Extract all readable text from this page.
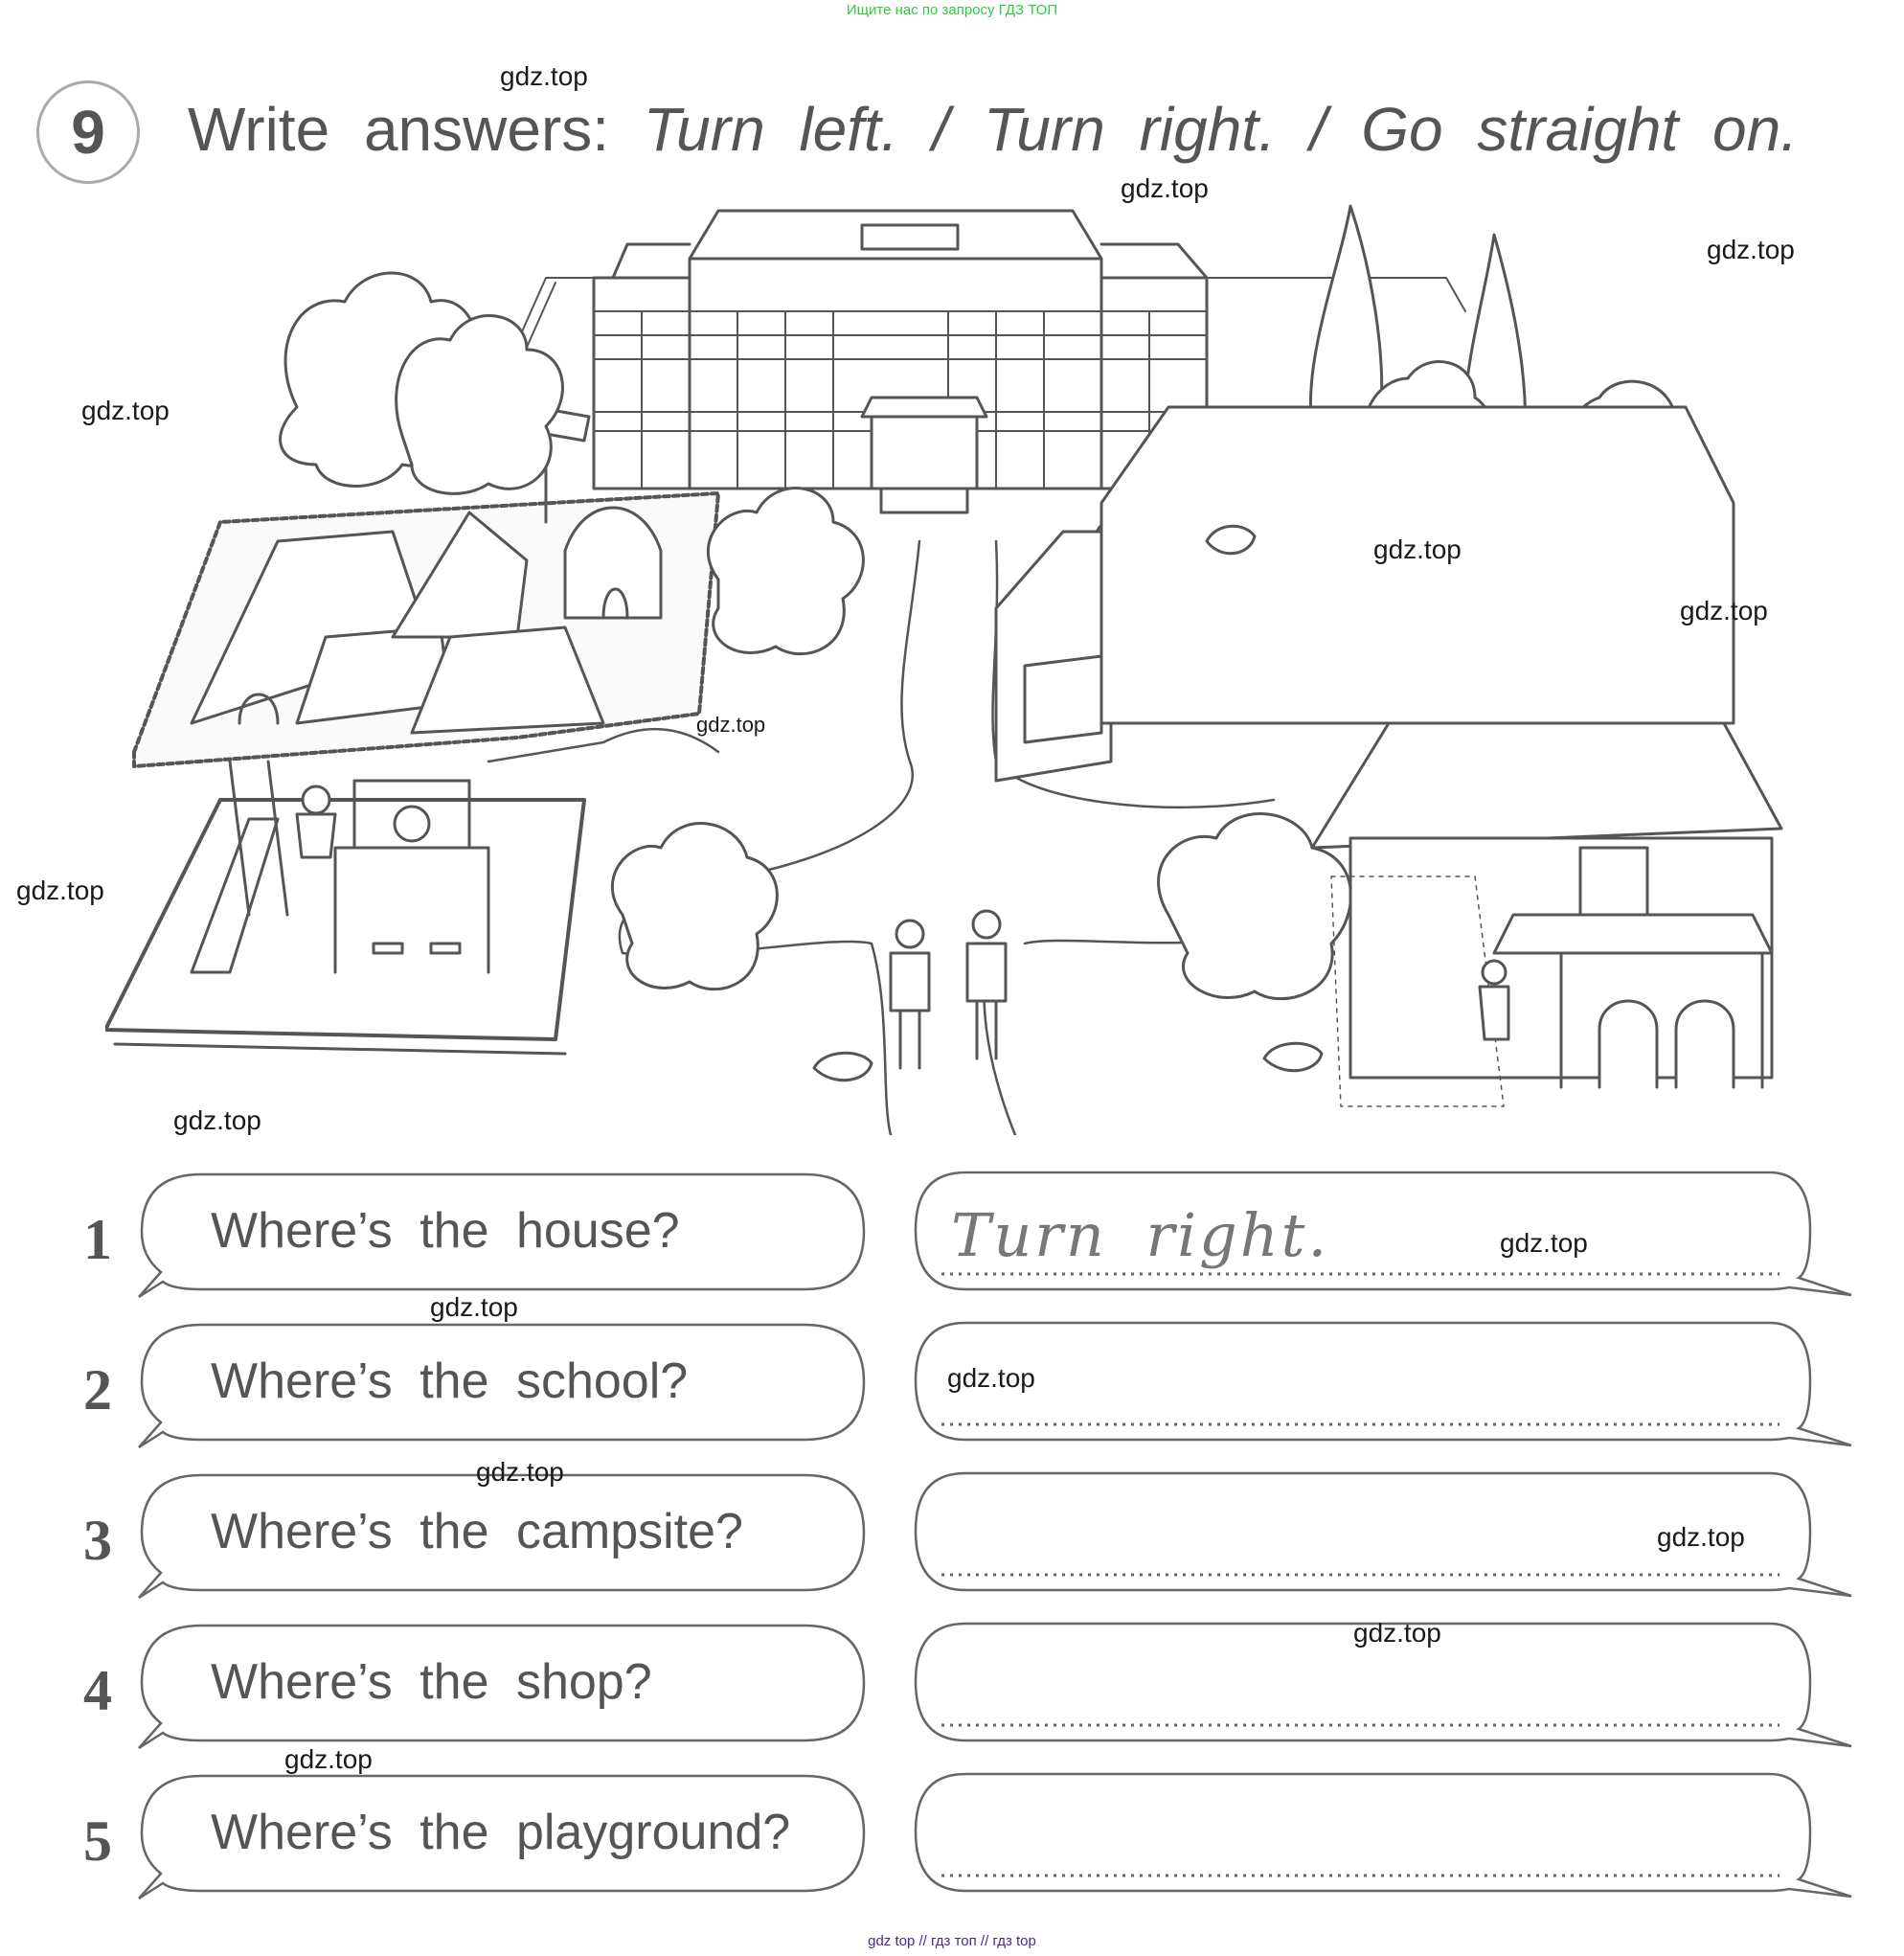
Ищите нас по запросу ГДЗ ТОП
9	Write answers: Turn left. / Turn right. / Go straight on.
1	Where’s the house?	Turn right.
2	Where’s the school?
3	Where’s the campsite?
4	Where’s the shop?
5	Where’s the playground?
gdz.top
gdz.top
gdz.top
gdz.top
gdz.top
gdz.top
gdz.top
gdz.top
gdz.top
gdz.top
gdz.top
gdz.top
gdz.top
gdz.top
gdz.top
gdz.top
gdz top // гдз топ // гдз top
